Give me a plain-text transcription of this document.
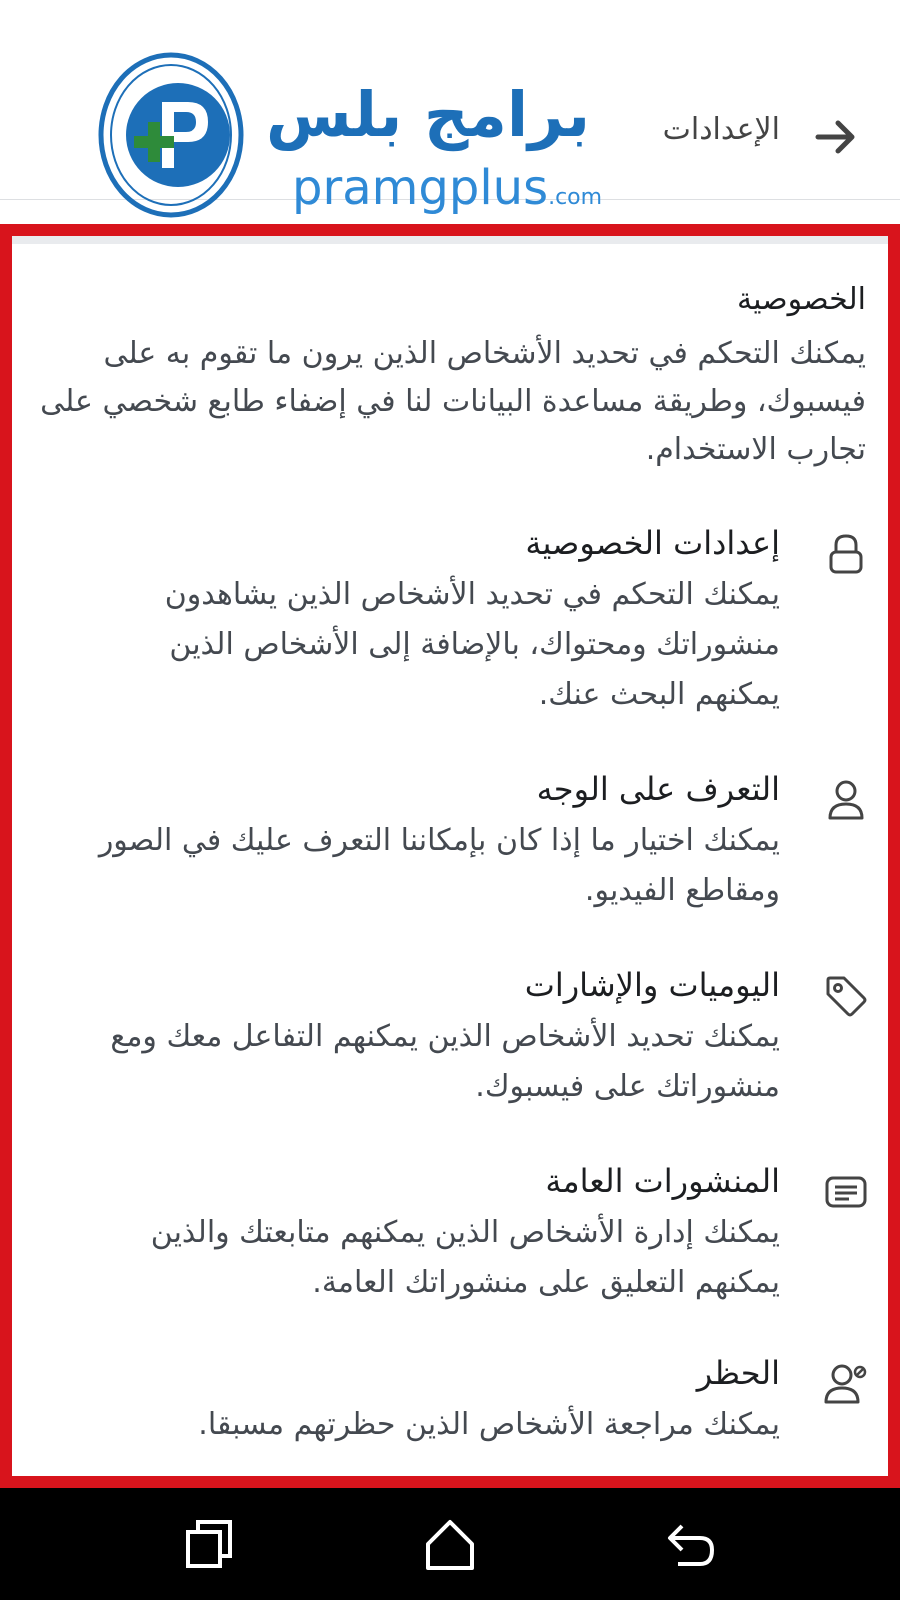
الإعدادات
برامج بلس
pramgplus.com
الخصوصية
يمكنك التحكم في تحديد الأشخاص الذين يرون ما تقوم به على فيسبوك، وطريقة مساعدة البيانات لنا في إضفاء طابع شخصي على تجارب الاستخدام.
إعدادات الخصوصية
يمكنك التحكم في تحديد الأشخاص الذين يشاهدون منشوراتك ومحتواك، بالإضافة إلى الأشخاص الذين يمكنهم البحث عنك.
التعرف على الوجه
يمكنك اختيار ما إذا كان بإمكاننا التعرف عليك في الصور ومقاطع الفيديو.
اليوميات والإشارات
يمكنك تحديد الأشخاص الذين يمكنهم التفاعل معك ومع منشوراتك على فيسبوك.
المنشورات العامة
يمكنك إدارة الأشخاص الذين يمكنهم متابعتك والذين يمكنهم التعليق على منشوراتك العامة.
الحظر
يمكنك مراجعة الأشخاص الذين حظرتهم مسبقا.
